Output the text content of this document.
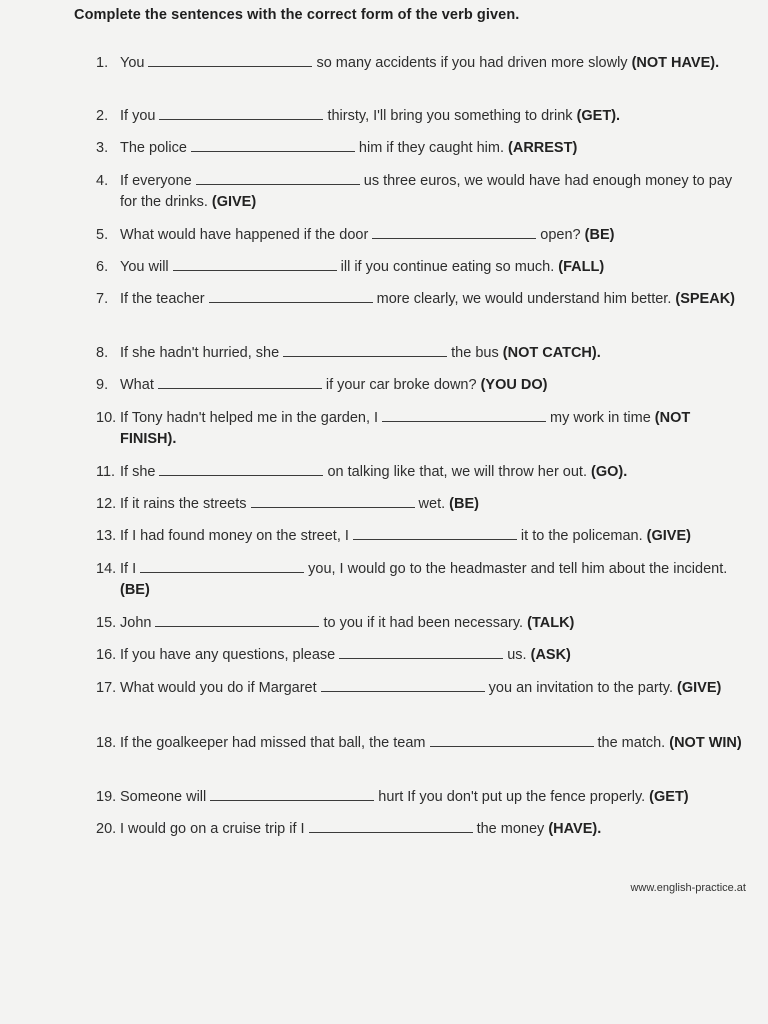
Complete the sentences with the correct form of the verb given.
1. You	so many accidents if you had driven more slowly (NOT HAVE).
2. If you	thirsty, I'll bring you something to drink (GET).
3. The police	him if they caught him. (ARREST)
4. If everyone	us three euros, we would have had enough money to pay for the drinks. (GIVE)
5. What would have happened if the door	open? (BE)
6. You will	ill if you continue eating so much. (FALL)
7. If the teacher	more clearly, we would understand him better. (SPEAK)
8. If she hadn't hurried, she	the bus (NOT CATCH).
9. What	if your car broke down? (YOU DO)
10. If Tony hadn't helped me in the garden, I	my work in time (NOT FINISH).
11. If she	on talking like that, we will throw her out. (GO).
12. If it rains the streets	wet. (BE)
13. If I had found money on the street, I	it to the policeman. (GIVE)
14. If I	you, I would go to the headmaster and tell him about the incident. (BE)
15. John	to you if it had been necessary. (TALK)
16. If you have any questions, please	us. (ASK)
17. What would you do if Margaret	you an invitation to the party. (GIVE)
18. If the goalkeeper had missed that ball, the team	the match. (NOT WIN)
19. Someone will	hurt If you don't put up the fence properly. (GET)
20. I would go on a cruise trip if I	the money (HAVE).
www.english-practice.at
